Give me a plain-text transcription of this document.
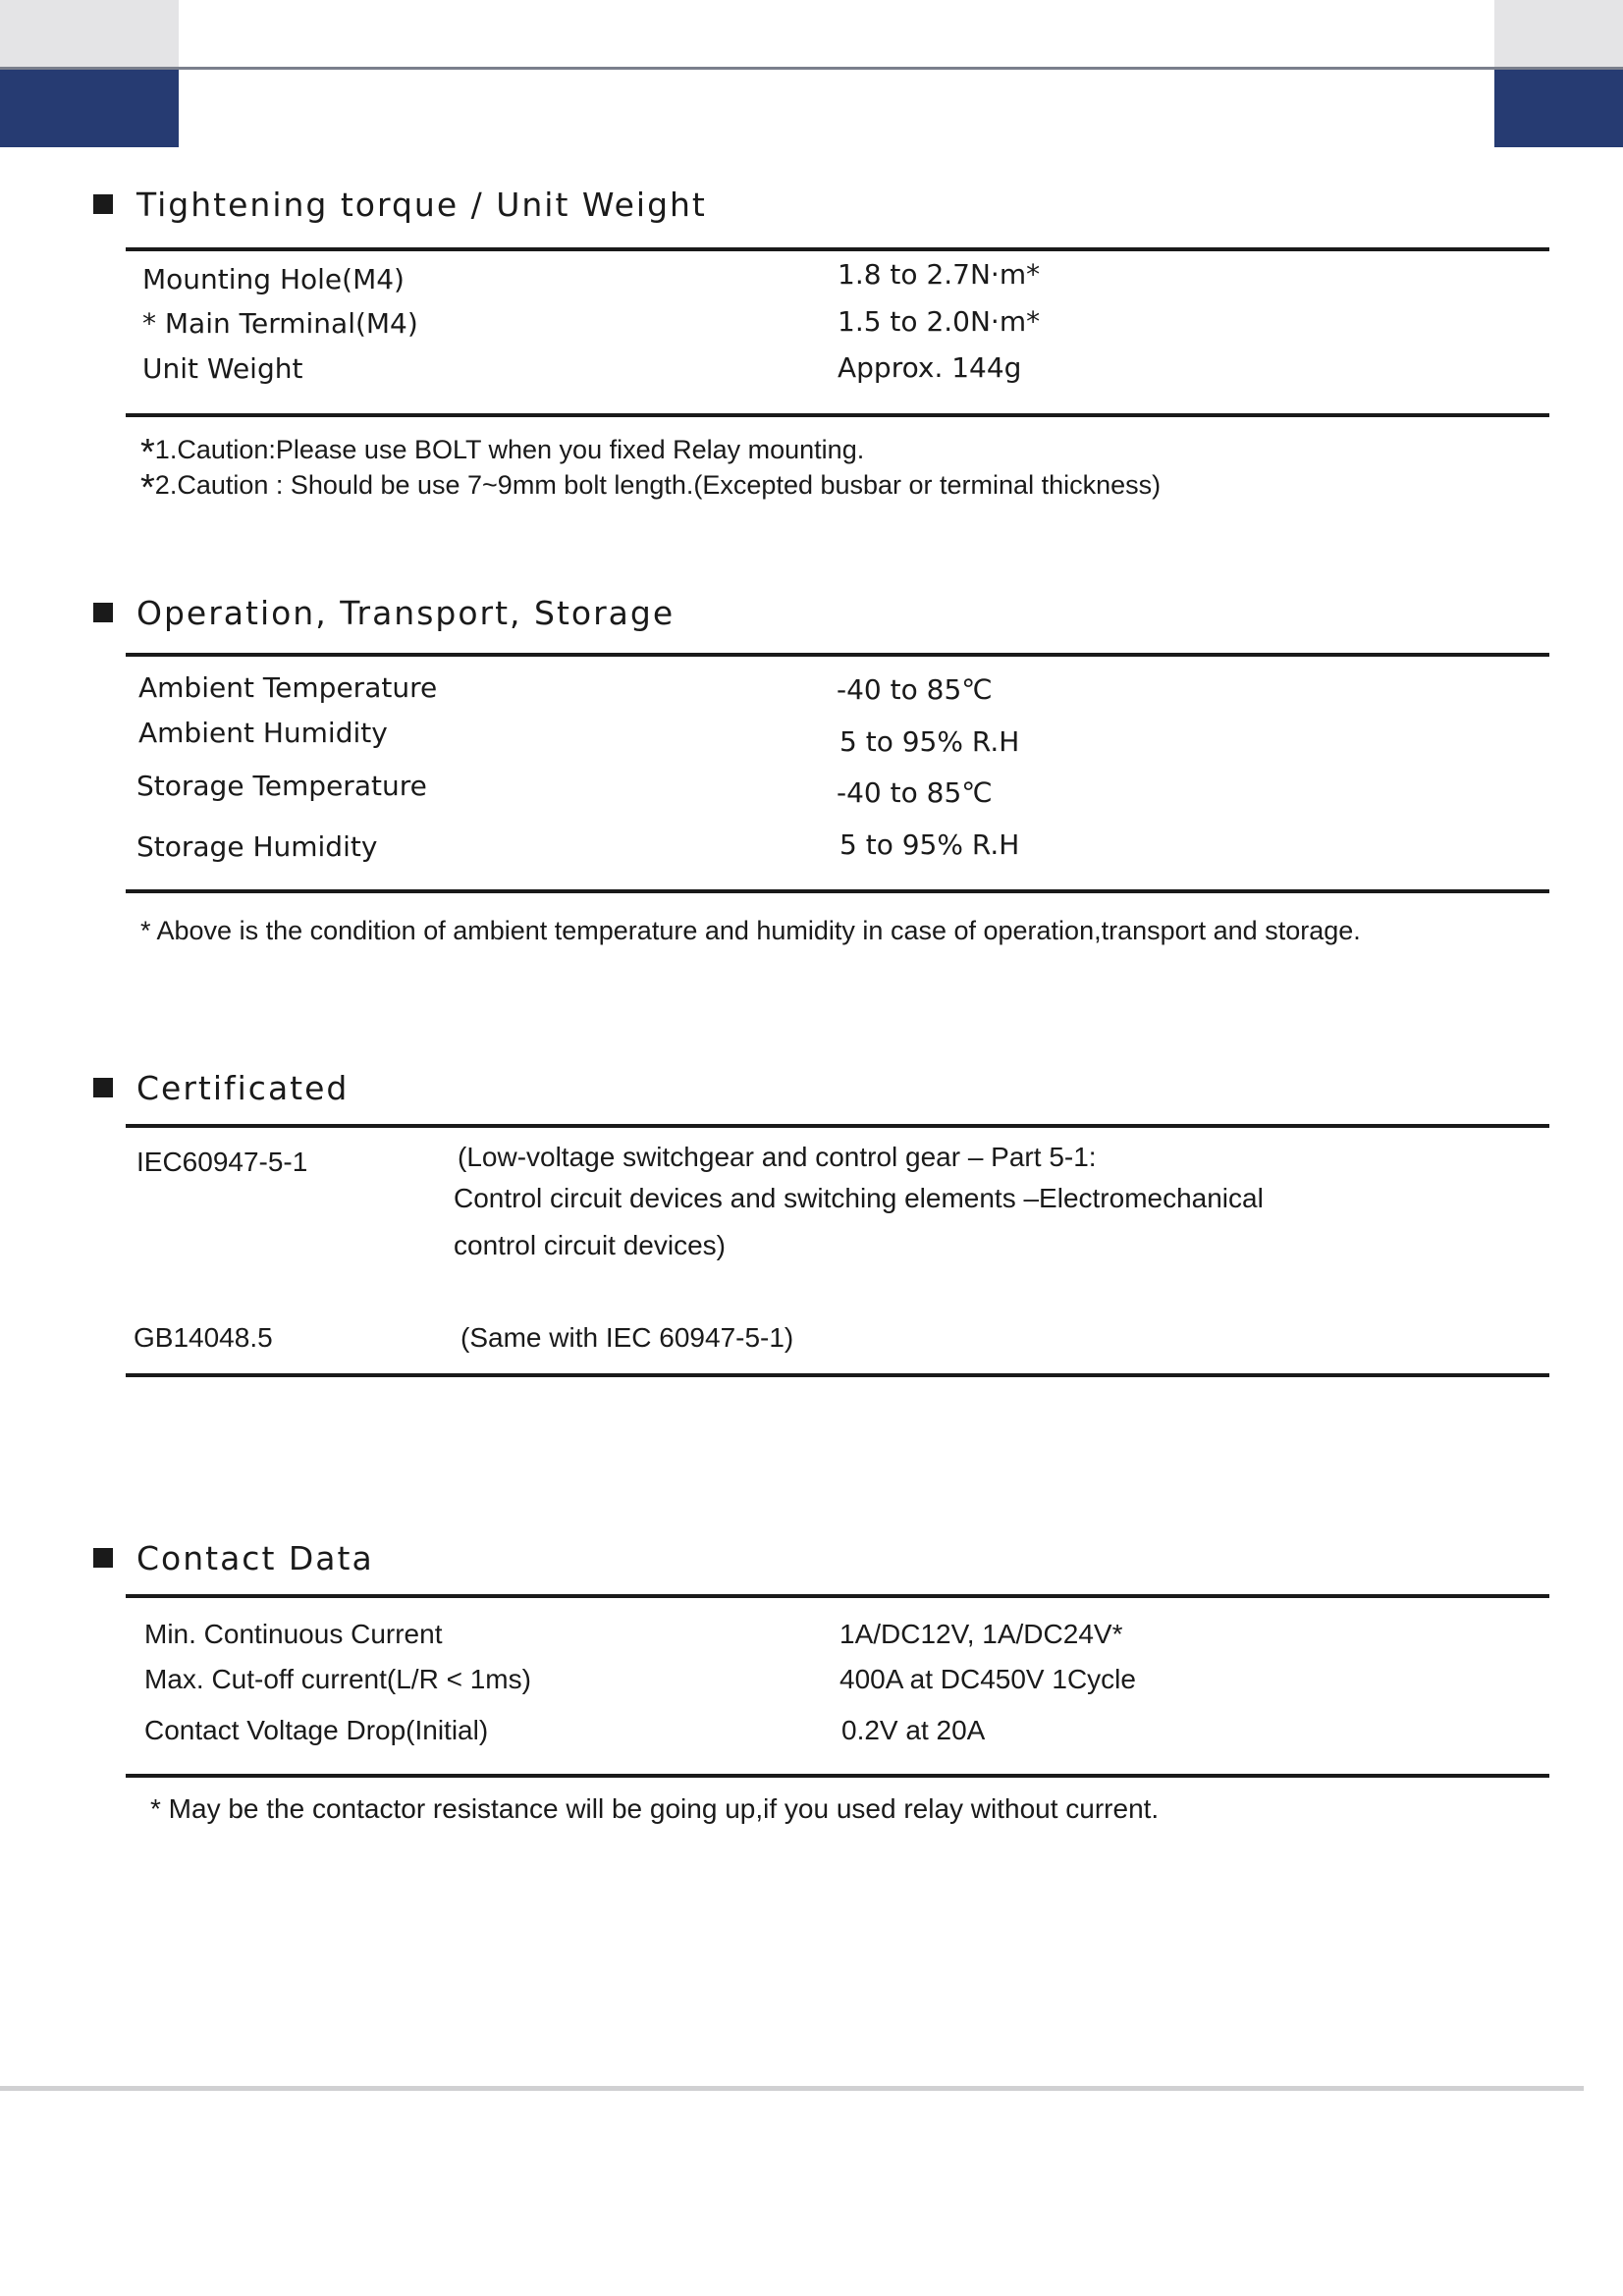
Tightening torque / Unit Weight
Mounting Hole(M4)	1.8 to 2.7N·m*
* Main Terminal(M4)	1.5 to 2.0N·m*
Unit Weight	Approx. 144g
*1.Caution:Please use BOLT when you fixed Relay mounting.
*2.Caution : Should be use 7~9mm bolt length.(Excepted busbar or terminal thickness)
Operation, Transport, Storage
Ambient Temperature	-40 to 85℃
Ambient Humidity	5 to 95% R.H
Storage Temperature	-40 to 85℃
Storage Humidity	5 to 95% R.H
* Above is the condition of ambient temperature and humidity in case of operation,transport and storage.
Certificated
IEC60947-5-1	(Low-voltage switchgear and control gear – Part 5-1:
Control circuit devices and switching elements –Electromechanical
control circuit devices)
GB14048.5	(Same with IEC 60947-5-1)
Contact Data
Min. Continuous Current	1A/DC12V, 1A/DC24V*
Max. Cut-off current(L/R < 1ms)	400A at DC450V 1Cycle
Contact Voltage Drop(Initial)	0.2V at 20A
* May be the contactor resistance will be going up,if you used relay without current.
